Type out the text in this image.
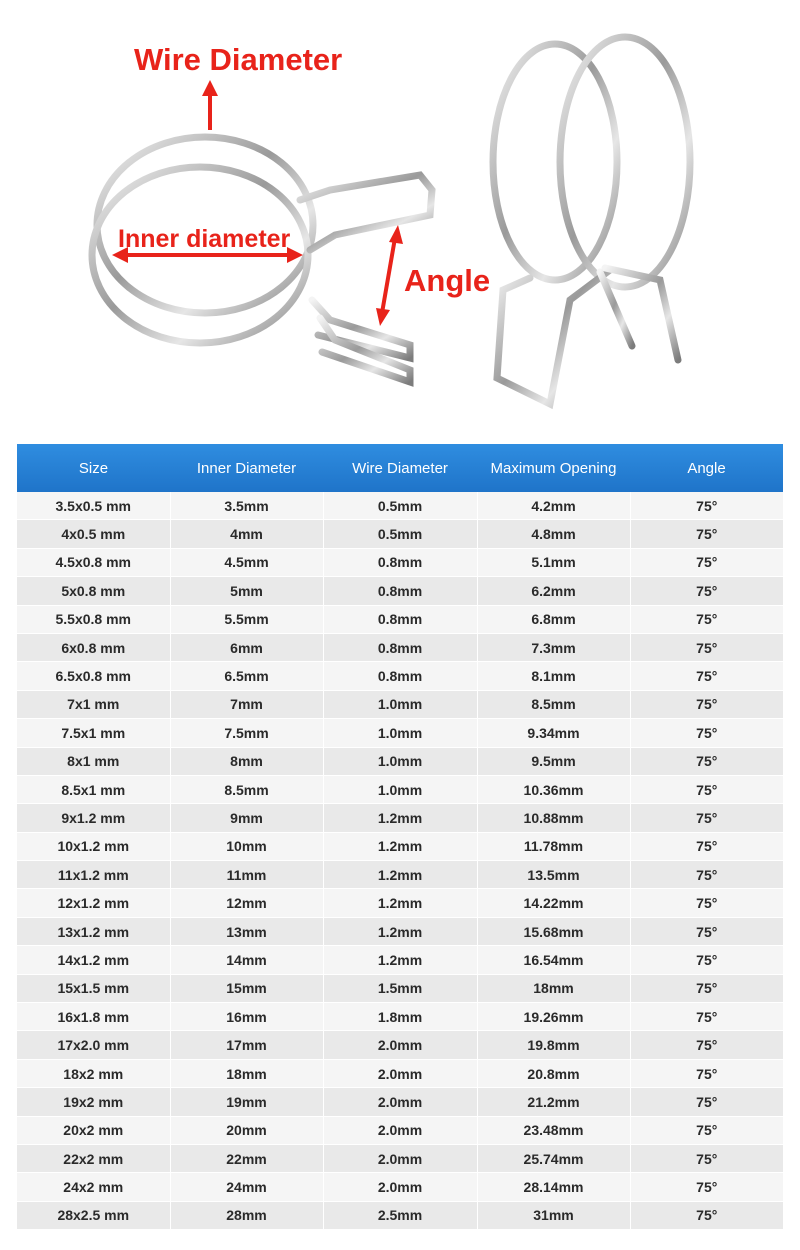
Wire Diameter
Inner diameter
Angle
Size	Inner Diameter	Wire Diameter	Maximum Opening	Angle
3.5x0.5 mm	3.5mm	0.5mm	4.2mm	75°
4x0.5 mm	4mm	0.5mm	4.8mm	75°
4.5x0.8 mm	4.5mm	0.8mm	5.1mm	75°
5x0.8 mm	5mm	0.8mm	6.2mm	75°
5.5x0.8 mm	5.5mm	0.8mm	6.8mm	75°
6x0.8 mm	6mm	0.8mm	7.3mm	75°
6.5x0.8 mm	6.5mm	0.8mm	8.1mm	75°
7x1 mm	7mm	1.0mm	8.5mm	75°
7.5x1 mm	7.5mm	1.0mm	9.34mm	75°
8x1 mm	8mm	1.0mm	9.5mm	75°
8.5x1 mm	8.5mm	1.0mm	10.36mm	75°
9x1.2 mm	9mm	1.2mm	10.88mm	75°
10x1.2 mm	10mm	1.2mm	11.78mm	75°
11x1.2 mm	11mm	1.2mm	13.5mm	75°
12x1.2 mm	12mm	1.2mm	14.22mm	75°
13x1.2 mm	13mm	1.2mm	15.68mm	75°
14x1.2 mm	14mm	1.2mm	16.54mm	75°
15x1.5 mm	15mm	1.5mm	18mm	75°
16x1.8 mm	16mm	1.8mm	19.26mm	75°
17x2.0 mm	17mm	2.0mm	19.8mm	75°
18x2 mm	18mm	2.0mm	20.8mm	75°
19x2 mm	19mm	2.0mm	21.2mm	75°
20x2 mm	20mm	2.0mm	23.48mm	75°
22x2 mm	22mm	2.0mm	25.74mm	75°
24x2 mm	24mm	2.0mm	28.14mm	75°
28x2.5 mm	28mm	2.5mm	31mm	75°
